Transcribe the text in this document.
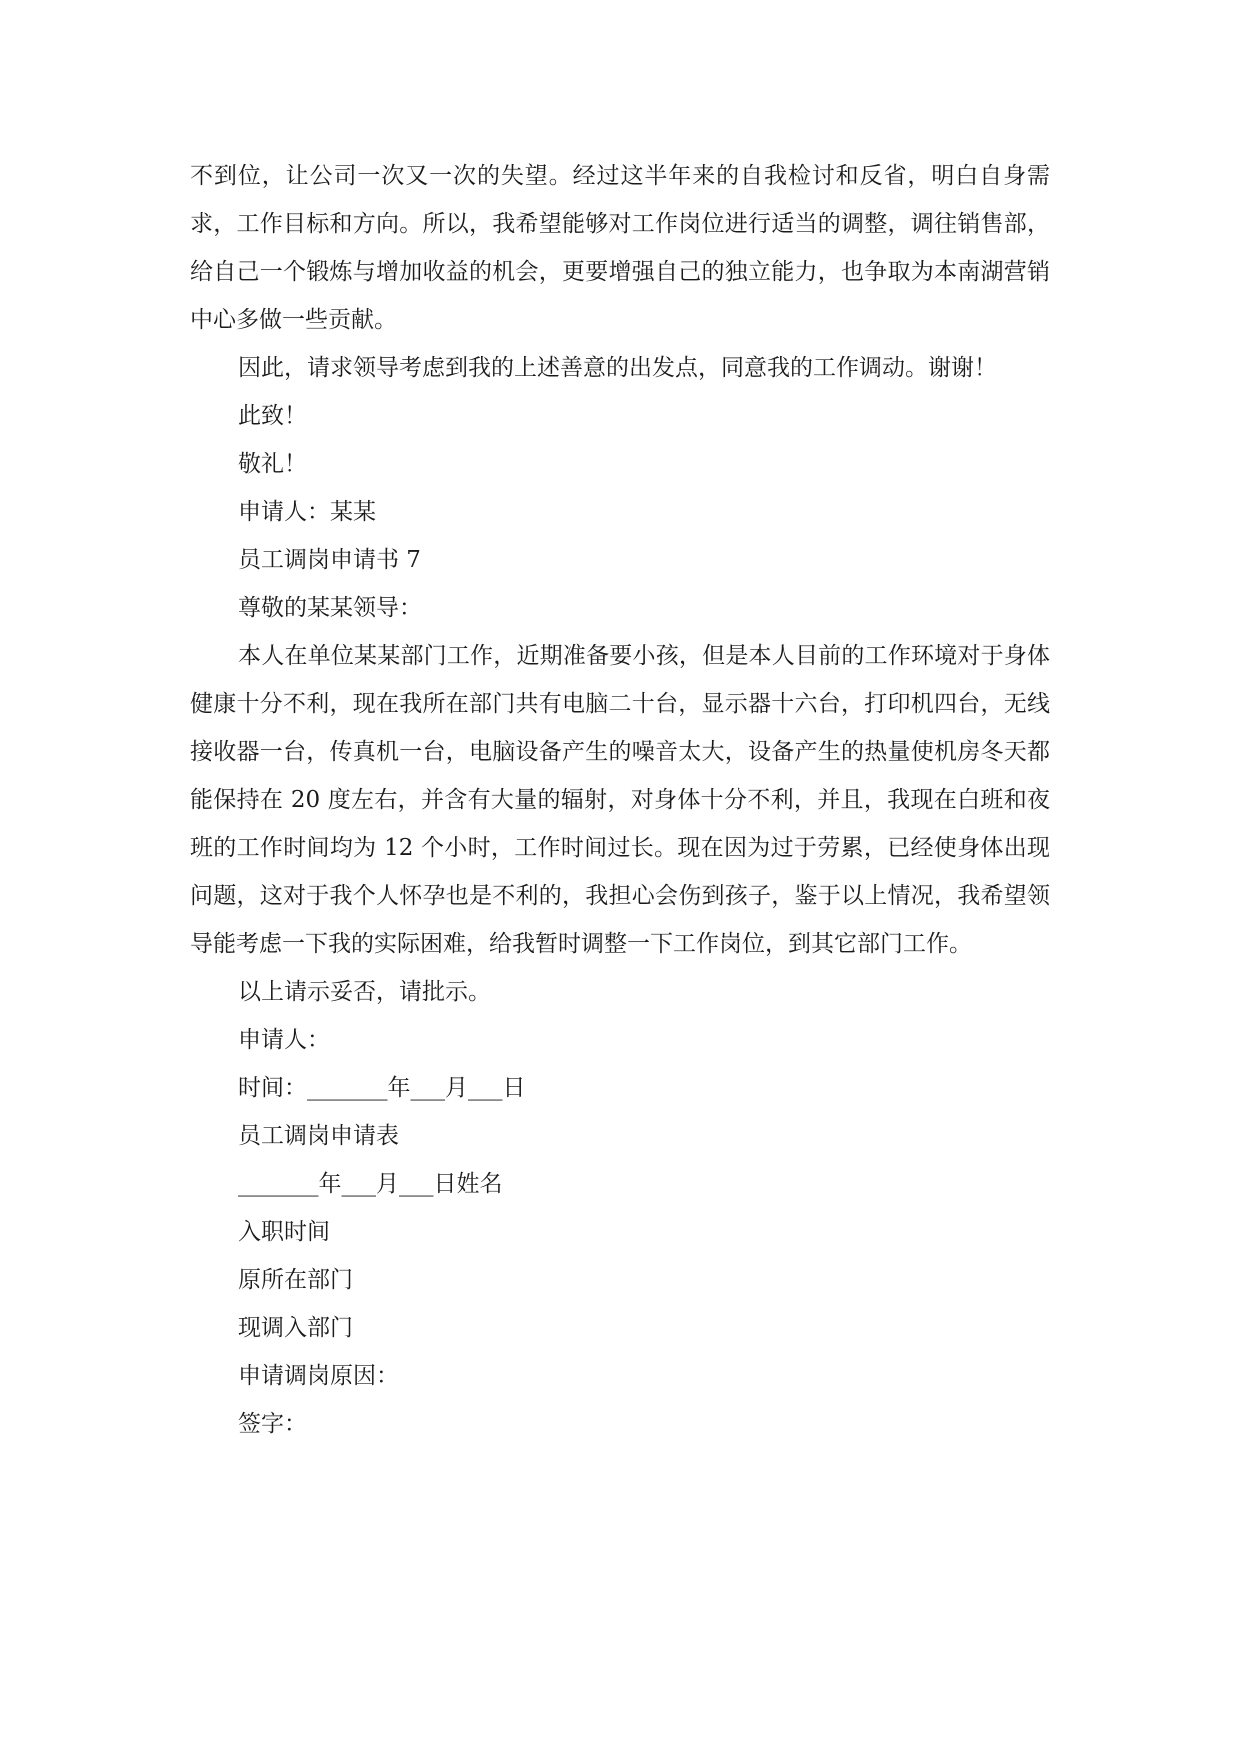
不到位，让公司一次又一次的失望。经过这半年来的自我检讨和反省，明白自身需求，工作目标和方向。所以，我希望能够对工作岗位进行适当的调整，调往销售部，给自己一个锻炼与增加收益的机会，更要增强自己的独立能力，也争取为本南湖营销中心多做一些贡献。

因此，请求领导考虑到我的上述善意的出发点，同意我的工作调动。谢谢！

此致！

敬礼！

申请人：某某

员工调岗申请书 7

尊敬的某某领导：

本人在单位某某部门工作，近期准备要小孩，但是本人目前的工作环境对于身体健康十分不利，现在我所在部门共有电脑二十台，显示器十六台，打印机四台，无线接收器一台，传真机一台，电脑设备产生的噪音太大，设备产生的热量使机房冬天都能保持在 20 度左右，并含有大量的辐射，对身体十分不利，并且，我现在白班和夜班的工作时间均为 12 个小时，工作时间过长。现在因为过于劳累，已经使身体出现问题，这对于我个人怀孕也是不利的，我担心会伤到孩子，鉴于以上情况，我希望领导能考虑一下我的实际困难，给我暂时调整一下工作岗位，到其它部门工作。

以上请示妥否，请批示。

申请人：

时间：_______年___月___日

员工调岗申请表

_______年___月___日姓名

入职时间

原所在部门

现调入部门

申请调岗原因：

签字：
